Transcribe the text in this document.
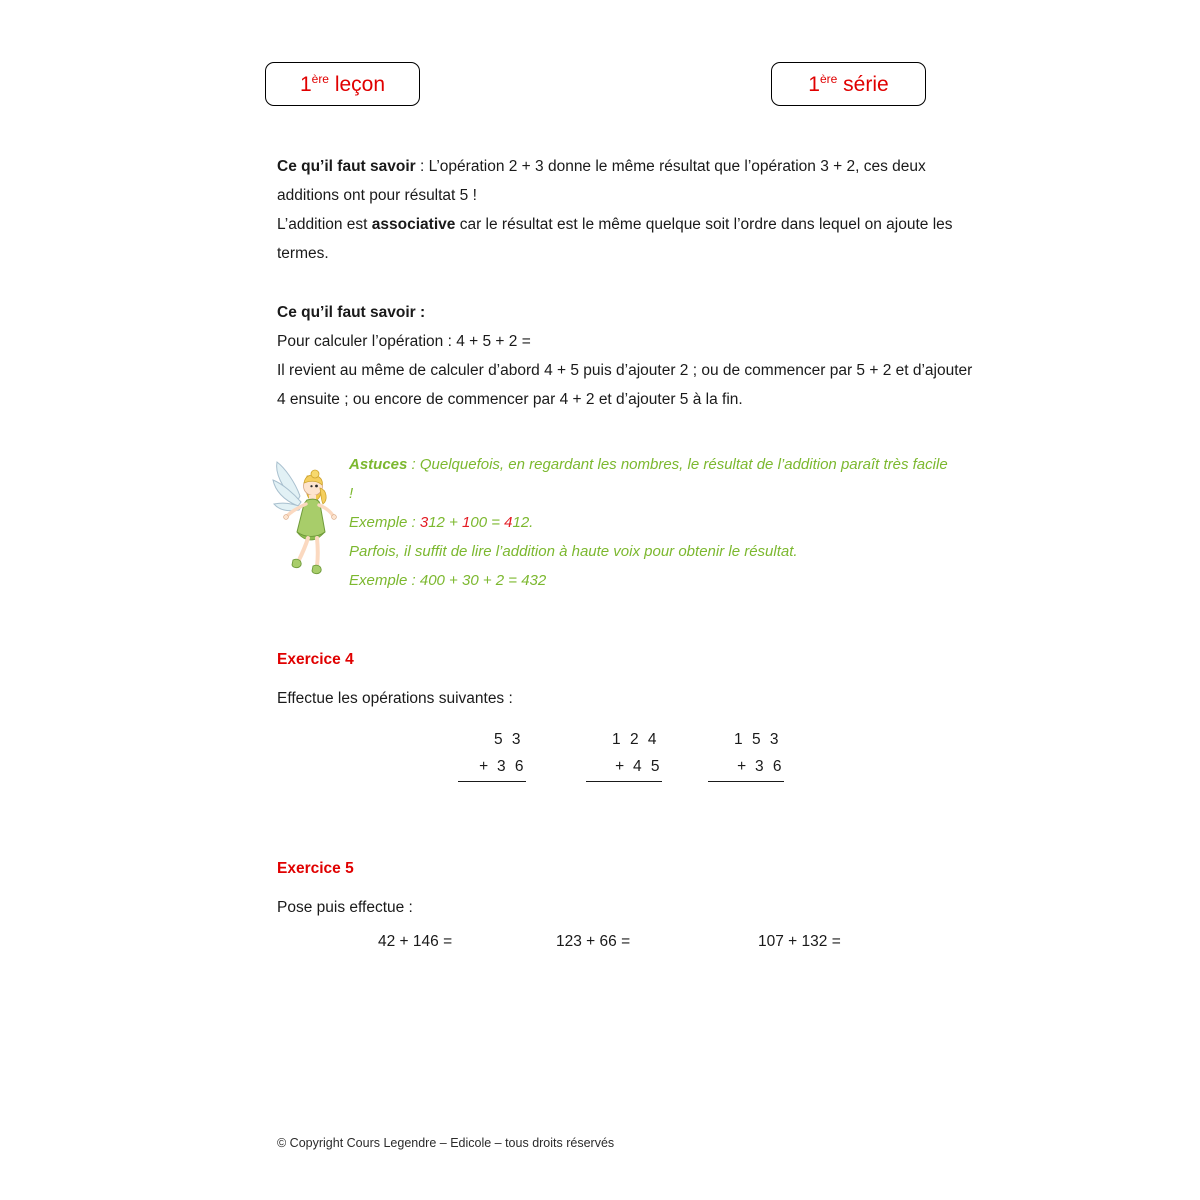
1ère leçon	1ère série

Ce qu’il faut savoir : L’opération 2 + 3 donne le même résultat que l’opération 3 + 2, ces deux additions ont pour résultat 5 !

L’addition est associative car le résultat est le même quelque soit l’ordre dans lequel on ajoute les termes.

Ce qu’il faut savoir :

Pour calculer l’opération : 4 + 5 + 2 =

Il revient au même de calculer d’abord 4 + 5 puis d’ajouter 2 ; ou de commencer par 5 + 2 et d’ajouter 4 ensuite ; ou encore de commencer par 4 + 2 et d’ajouter 5 à la fin.

Astuces : Quelquefois, en regardant les nombres, le résultat de l’addition paraît très facile !

Exemple : 312 + 100 = 412.

Parfois, il suffit de lire l’addition à haute voix pour obtenir le résultat.

Exemple : 400 + 30 + 2 = 432

Exercice 4
Effectue les opérations suivantes :
5 3
+ 3 6
1 2 4
+ 4 5
1 5 3
+ 3 6
Exercice 5
Pose puis effectue :
42 + 146 =	123 + 66 =	107 + 132 =
© Copyright Cours Legendre – Edicole – tous droits réservés
